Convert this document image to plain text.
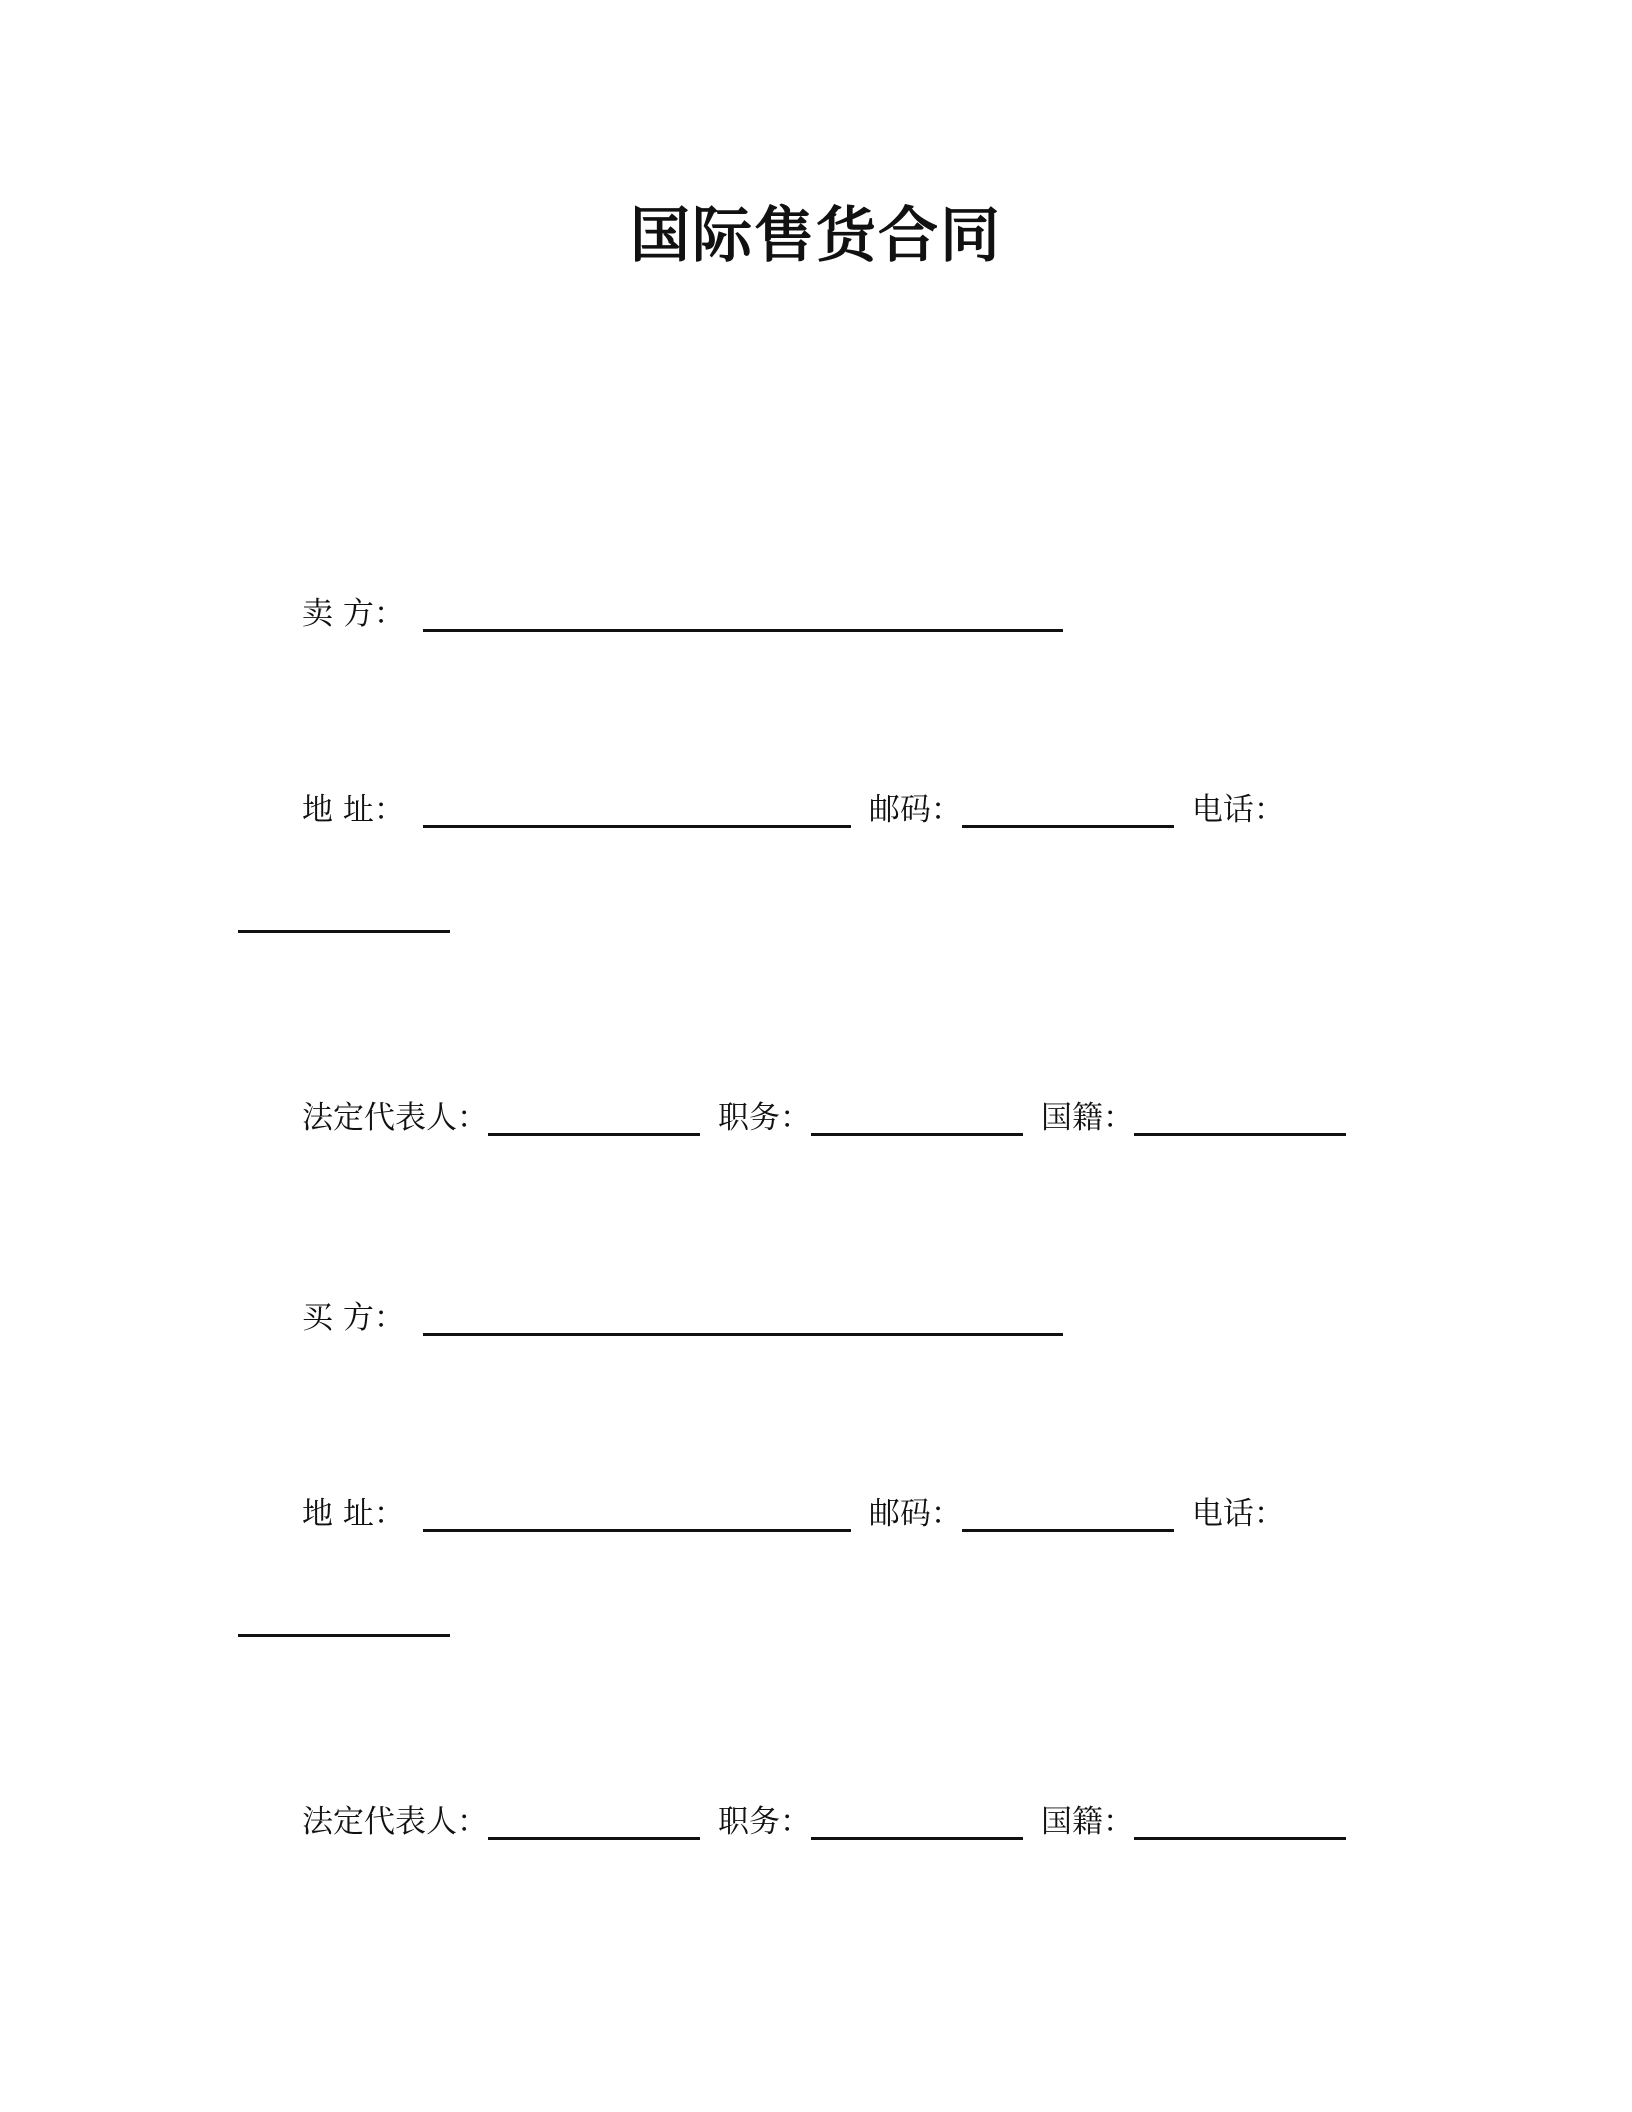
国际售货合同
卖 方：
地 址：	邮码：	电话：
法定代表人：	职务：	国籍：
买 方：
地 址：	邮码：	电话：
法定代表人：	职务：	国籍：
